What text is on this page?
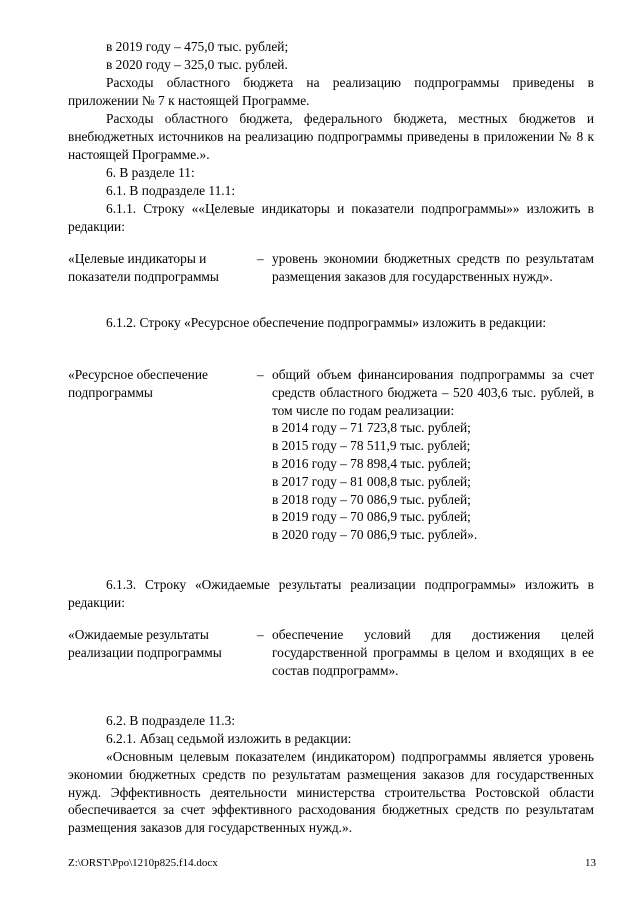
в 2019 году – 475,0 тыс. рублей;
в 2020 году – 325,0 тыс. рублей.
Расходы областного бюджета на реализацию подпрограммы приведены в приложении № 7 к настоящей Программе.
Расходы областного бюджета, федерального бюджета, местных бюджетов и внебюджетных источников на реализацию подпрограммы приведены в приложении № 8 к настоящей Программе.».
6. В разделе 11:
6.1. В подразделе 11.1:
6.1.1. Строку ««Целевые индикаторы и показатели подпрограммы»» изложить в редакции:
«Целевые индикаторы и показатели подпрограммы
– уровень экономии бюджетных средств по результатам размещения заказов для государственных нужд».
6.1.2. Строку «Ресурсное обеспечение подпрограммы» изложить в редакции:
«Ресурсное обеспечение подпрограммы
– общий объем финансирования подпрограммы за счет средств областного бюджета – 520 403,6 тыс. рублей, в том числе по годам реализации:
в 2014 году – 71 723,8 тыс. рублей;
в 2015 году – 78 511,9 тыс. рублей;
в 2016 году – 78 898,4 тыс. рублей;
в 2017 году – 81 008,8 тыс. рублей;
в 2018 году – 70 086,9 тыс. рублей;
в 2019 году – 70 086,9 тыс. рублей;
в 2020 году – 70 086,9 тыс. рублей».
6.1.3. Строку «Ожидаемые результаты реализации подпрограммы» изложить в редакции:
«Ожидаемые результаты реализации подпрограммы
– обеспечение условий для достижения целей государственной программы в целом и входящих в ее состав подпрограмм».
6.2. В подразделе 11.3:
6.2.1. Абзац седьмой изложить в редакции:
«Основным целевым показателем (индикатором) подпрограммы является уровень экономии бюджетных средств по результатам размещения заказов для государственных нужд. Эффективность деятельности министерства строительства Ростовской области обеспечивается за счет эффективного расходования бюджетных средств по результатам размещения заказов для государственных нужд.».
Z:\ORST\Ppo\1210p825.f14.docx	13
